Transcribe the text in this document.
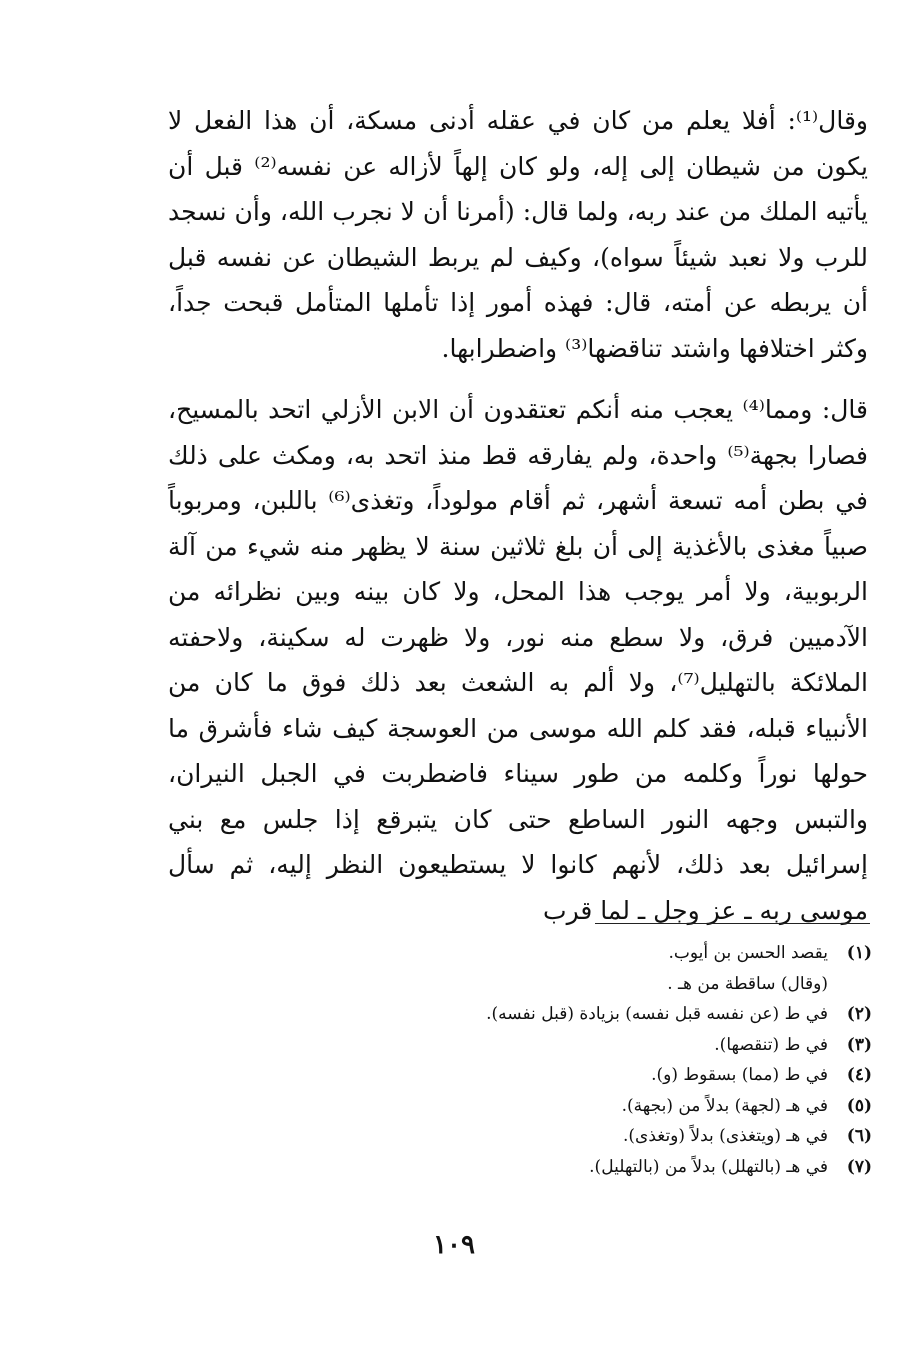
وقال⁽¹⁾: أفلا يعلم من كان في عقله أدنى مسكة، أن هذا الفعل لا يكون من شيطان إلى إله، ولو كان إلهاً لأزاله عن نفسه⁽²⁾ قبل أن يأتيه الملك من عند ربه، ولما قال: (أمرنا أن لا نجرب الله، وأن نسجد للرب ولا نعبد شيئاً سواه)، وكيف لم يربط الشيطان عن نفسه قبل أن يربطه عن أمته، قال: فهذه أمور إذا تأملها المتأمل قبحت جداً، وكثر اختلافها واشتد تناقضها⁽³⁾ واضطرابها.

قال: ومما⁽⁴⁾ يعجب منه أنكم تعتقدون أن الابن الأزلي اتحد بالمسيح، فصارا بجهة⁽⁵⁾ واحدة، ولم يفارقه قط منذ اتحد به، ومكث على ذلك في بطن أمه تسعة أشهر، ثم أقام مولوداً، وتغذى⁽⁶⁾ باللبن، ومربوباً صبياً مغذى بالأغذية إلى أن بلغ ثلاثين سنة لا يظهر منه شيء من آلة الربوبية، ولا أمر يوجب هذا المحل، ولا كان بينه وبين نظرائه من الآدميين فرق، ولا سطع منه نور، ولا ظهرت له سكينة، ولاحفته الملائكة بالتهليل⁽⁷⁾، ولا ألم به الشعث بعد ذلك فوق ما كان من الأنبياء قبله، فقد كلم الله موسى من العوسجة كيف شاء فأشرق ما حولها نوراً وكلمه من طور سيناء فاضطربت في الجبل النيران، والتبس وجهه النور الساطع حتى كان يتبرقع إذا جلس مع بني إسرائيل بعد ذلك، لأنهم كانوا لا يستطيعون النظر إليه، ثم سأل موسى ربه ـ عز وجل ـ لما قرب

(١)
يقصد الحسن بن أيوب.
(وقال) ساقطة من هـ .
(٢)
في ط (عن نفسه قبل نفسه) بزيادة (قبل نفسه).
(٣)
في ط (تنقصها).
(٤)
في ط (مما) بسقوط (و).
(٥)
في هـ (لجهة) بدلاً من (بجهة).
(٦)
في هـ (ويتغذى) بدلاً (وتغذى).
(٧)
في هـ (بالتهلل) بدلاً من (بالتهليل).
١٠٩
